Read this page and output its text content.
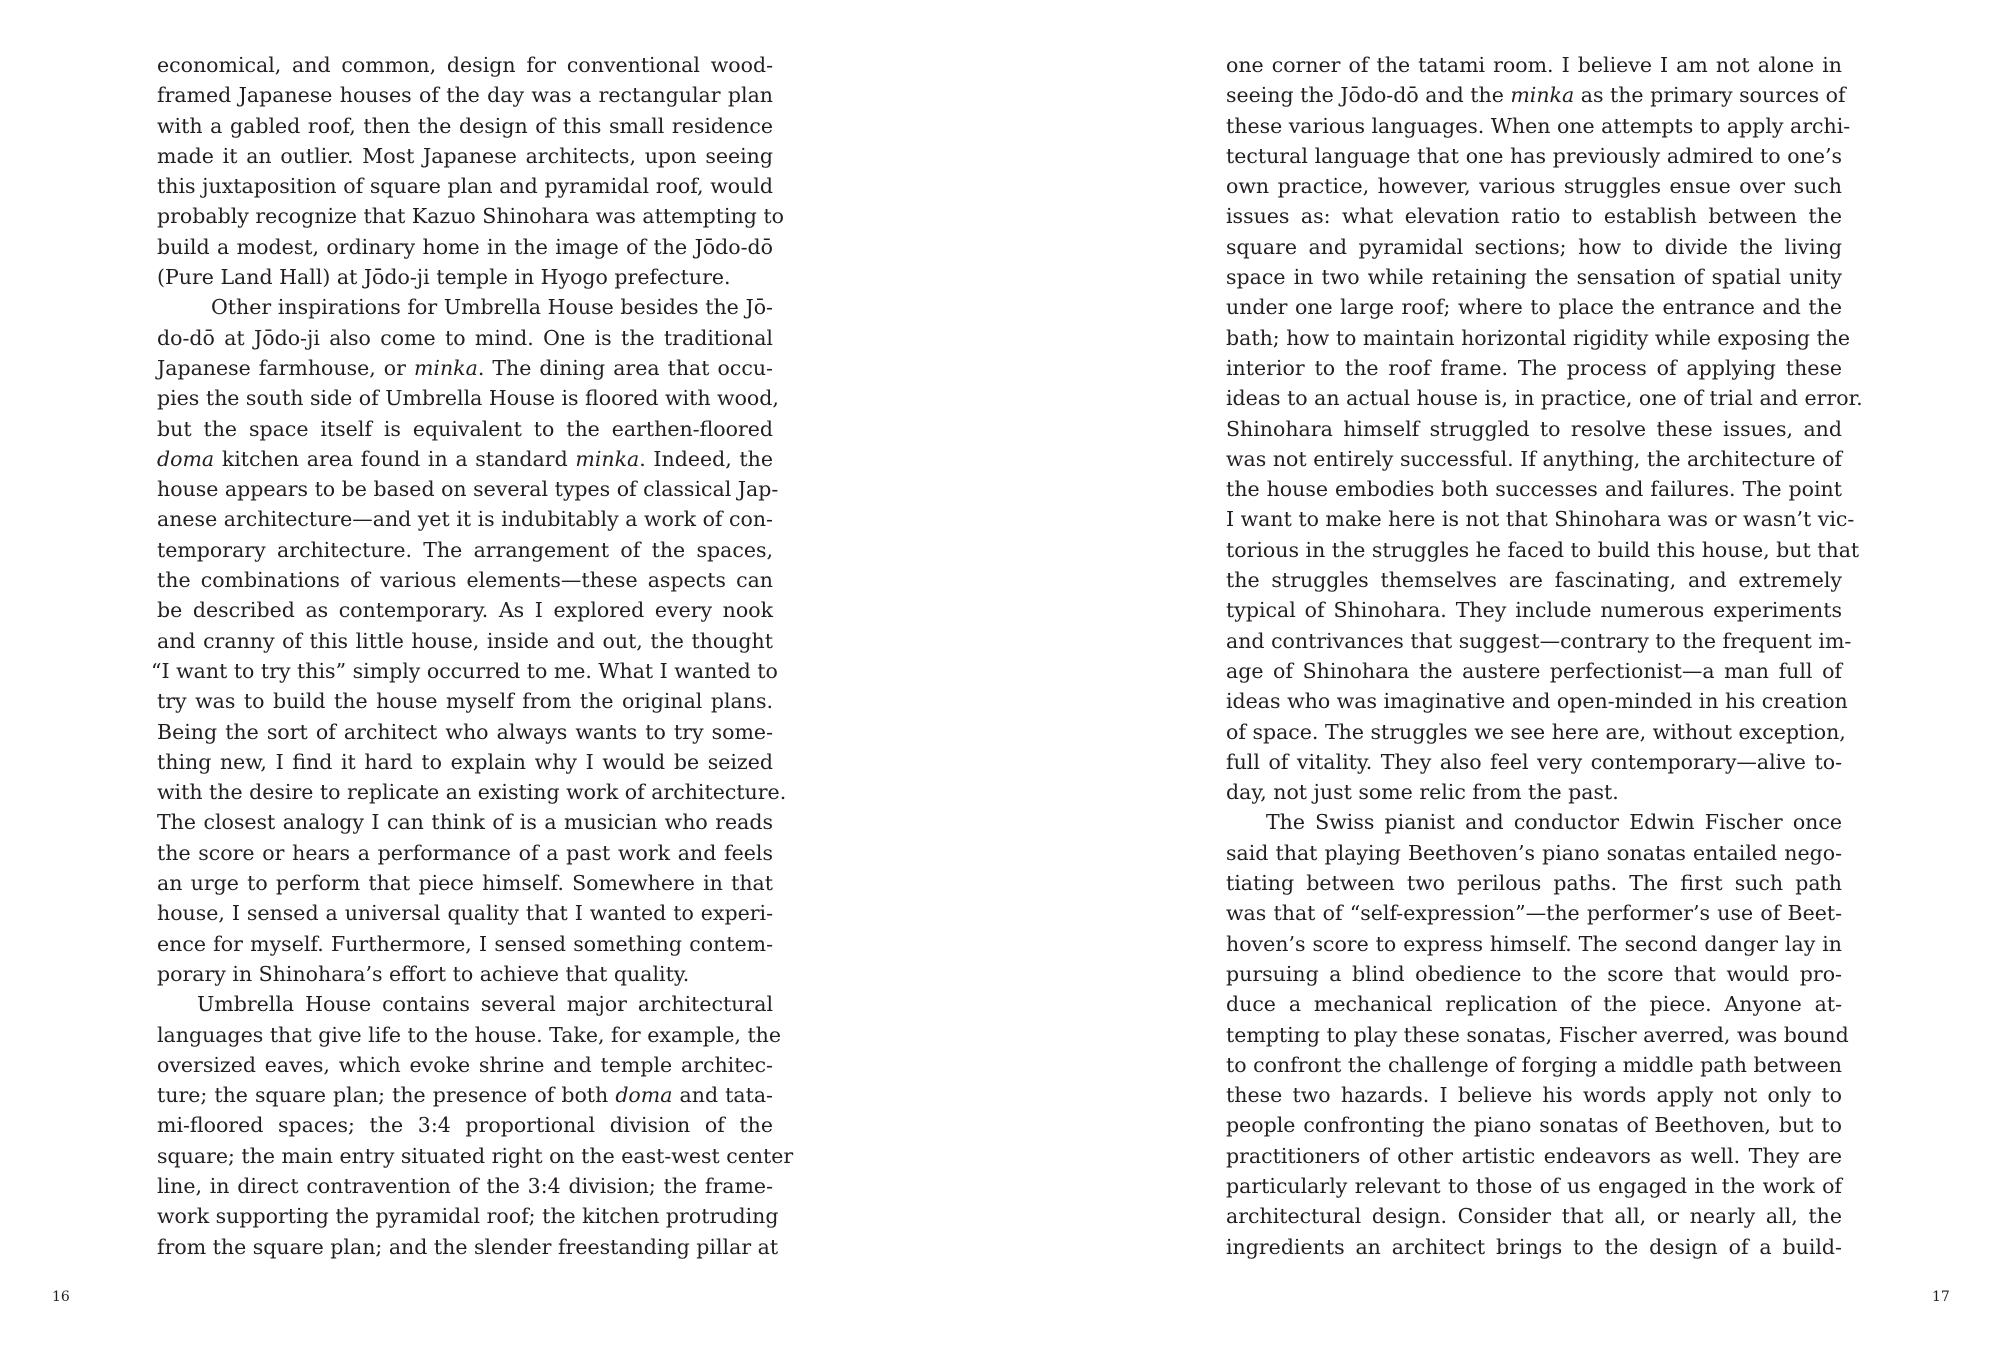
economical, and common, design for conventional wood-
framed Japanese houses of the day was a rectangular plan
with a gabled roof, then the design of this small residence
made it an outlier. Most Japanese architects, upon seeing
this juxtaposition of square plan and pyramidal roof, would
probably recognize that Kazuo Shinohara was attempting to
build a modest, ordinary home in the image of the Jōdo-dō
(Pure Land Hall) at Jōdo-ji temple in Hyogo prefecture.
Other inspirations for Umbrella House besides the Jō-
do-dō at Jōdo-ji also come to mind. One is the traditional
Japanese farmhouse, or minka. The dining area that occu-
pies the south side of Umbrella House is floored with wood,
but the space itself is equivalent to the earthen-floored
doma kitchen area found in a standard minka. Indeed, the
house appears to be based on several types of classical Jap-
anese architecture—and yet it is indubitably a work of con-
temporary architecture. The arrangement of the spaces,
the combinations of various elements—these aspects can
be described as contemporary. As I explored every nook
and cranny of this little house, inside and out, the thought
“I want to try this” simply occurred to me. What I wanted to
try was to build the house myself from the original plans.
Being the sort of architect who always wants to try some-
thing new, I find it hard to explain why I would be seized
with the desire to replicate an existing work of architecture.
The closest analogy I can think of is a musician who reads
the score or hears a performance of a past work and feels
an urge to perform that piece himself. Somewhere in that
house, I sensed a universal quality that I wanted to experi-
ence for myself. Furthermore, I sensed something contem-
porary in Shinohara’s effort to achieve that quality.
Umbrella House contains several major architectural
languages that give life to the house. Take, for example, the
oversized eaves, which evoke shrine and temple architec-
ture; the square plan; the presence of both doma and tata-
mi-floored spaces; the 3:4 proportional division of the
square; the main entry situated right on the east-west center
line, in direct contravention of the 3:4 division; the frame-
work supporting the pyramidal roof; the kitchen protruding
from the square plan; and the slender freestanding pillar at
16
one corner of the tatami room. I believe I am not alone in
seeing the Jōdo-dō and the minka as the primary sources of
these various languages. When one attempts to apply archi-
tectural language that one has previously admired to one’s
own practice, however, various struggles ensue over such
issues as: what elevation ratio to establish between the
square and pyramidal sections; how to divide the living
space in two while retaining the sensation of spatial unity
under one large roof; where to place the entrance and the
bath; how to maintain horizontal rigidity while exposing the
interior to the roof frame. The process of applying these
ideas to an actual house is, in practice, one of trial and error.
Shinohara himself struggled to resolve these issues, and
was not entirely successful. If anything, the architecture of
the house embodies both successes and failures. The point
I want to make here is not that Shinohara was or wasn’t vic-
torious in the struggles he faced to build this house, but that
the struggles themselves are fascinating, and extremely
typical of Shinohara. They include numerous experiments
and contrivances that suggest—contrary to the frequent im-
age of Shinohara the austere perfectionist—a man full of
ideas who was imaginative and open-minded in his creation
of space. The struggles we see here are, without exception,
full of vitality. They also feel very contemporary—alive to-
day, not just some relic from the past.
The Swiss pianist and conductor Edwin Fischer once
said that playing Beethoven’s piano sonatas entailed nego-
tiating between two perilous paths. The first such path
was that of “self-expression”—the performer’s use of Beet-
hoven’s score to express himself. The second danger lay in
pursuing a blind obedience to the score that would pro-
duce a mechanical replication of the piece. Anyone at-
tempting to play these sonatas, Fischer averred, was bound
to confront the challenge of forging a middle path between
these two hazards. I believe his words apply not only to
people confronting the piano sonatas of Beethoven, but to
practitioners of other artistic endeavors as well. They are
particularly relevant to those of us engaged in the work of
architectural design. Consider that all, or nearly all, the
ingredients an architect brings to the design of a build-
17
